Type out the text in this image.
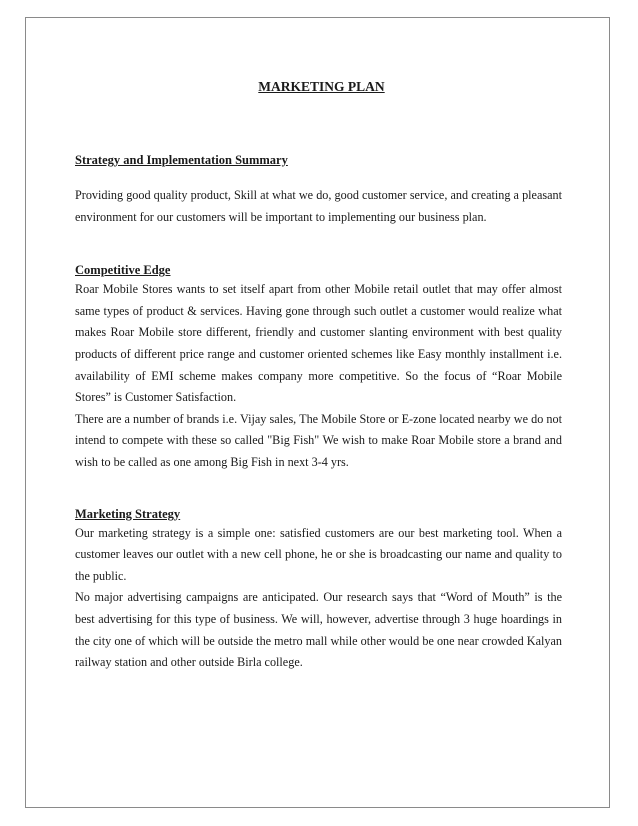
MARKETING PLAN
Strategy and Implementation Summary

Providing good quality product, Skill at what we do, good customer service, and creating a pleasant environment for our customers will be important to implementing our business plan.

Competitive Edge

Roar Mobile Stores wants to set itself apart from other Mobile retail outlet that may offer almost same types of product & services. Having gone through such outlet a customer would realize what makes Roar Mobile store different, friendly and customer slanting environment with best quality products of different price range and customer oriented schemes like Easy monthly installment i.e. availability of EMI scheme makes company more competitive. So the focus of “Roar Mobile Stores” is Customer Satisfaction.

There are a number of brands i.e. Vijay sales, The Mobile Store or E-zone located nearby we do not intend to compete with these so called "Big Fish" We wish to make Roar Mobile store a brand and wish to be called as one among Big Fish in next 3-4 yrs.

Marketing Strategy

Our marketing strategy is a simple one: satisfied customers are our best marketing tool. When a customer leaves our outlet with a new cell phone, he or she is broadcasting our name and quality to the public.

No major advertising campaigns are anticipated. Our research says that “Word of Mouth” is the best advertising for this type of business. We will, however, advertise through 3 huge hoardings in the city one of which will be outside the metro mall while other would be one near crowded Kalyan railway station and other outside Birla college.
